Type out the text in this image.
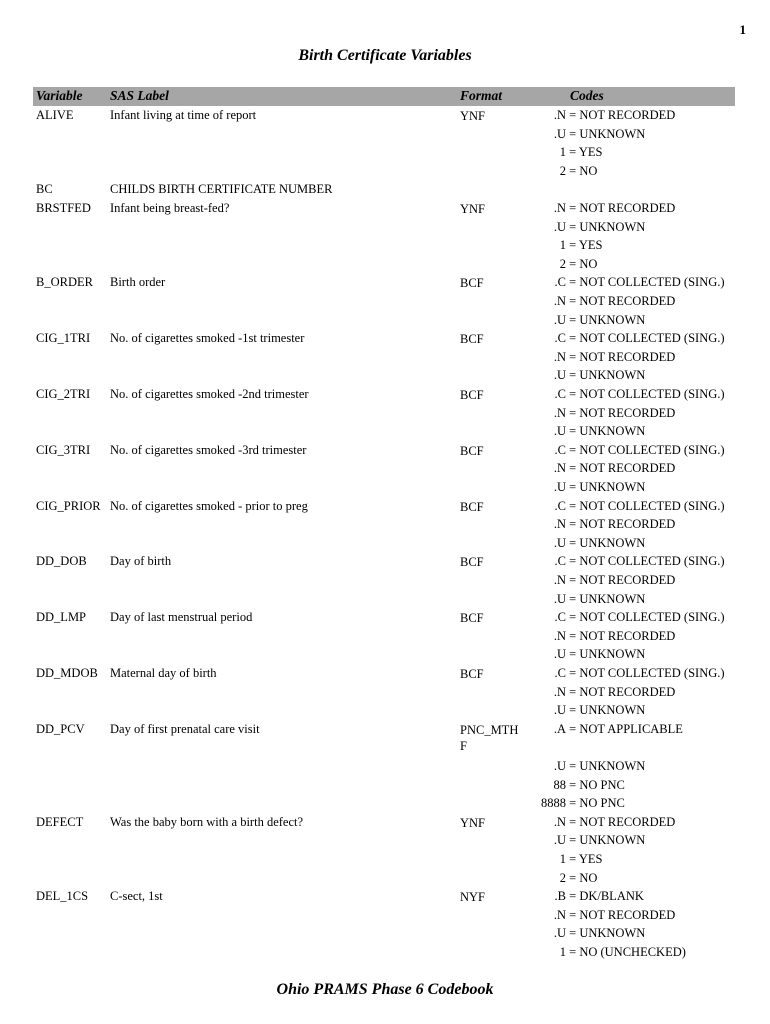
1
Birth Certificate Variables
Variable SAS Label	Format	Codes
ALIVE	Infant living at time of report	YNF	.N = NOT RECORDED
.U = UNKNOWN
1 = YES
2 = NO
BC	CHILDS BIRTH CERTIFICATE NUMBER
BRSTFED Infant being breast-fed?	YNF	.N = NOT RECORDED
.U = UNKNOWN
1 = YES
2 = NO
B_ORDER Birth order	BCF	.C = NOT COLLECTED (SING.)
.N = NOT RECORDED
.U = UNKNOWN
CIG_1TRI No. of cigarettes smoked -1st trimester	BCF	.C = NOT COLLECTED (SING.)
.N = NOT RECORDED
.U = UNKNOWN
CIG_2TRI No. of cigarettes smoked -2nd trimester	BCF	.C = NOT COLLECTED (SING.)
.N = NOT RECORDED
.U = UNKNOWN
CIG_3TRI No. of cigarettes smoked -3rd trimester	BCF	.C = NOT COLLECTED (SING.)
.N = NOT RECORDED
.U = UNKNOWN
CIG_PRIOR No. of cigarettes smoked - prior to preg	BCF	.C = NOT COLLECTED (SING.)
.N = NOT RECORDED
.U = UNKNOWN
DD_DOB Day of birth	BCF	.C = NOT COLLECTED (SING.)
.N = NOT RECORDED
.U = UNKNOWN
DD_LMP Day of last menstrual period	BCF	.C = NOT COLLECTED (SING.)
.N = NOT RECORDED
.U = UNKNOWN
DD_MDOB Maternal day of birth	BCF	.C = NOT COLLECTED (SING.)
.N = NOT RECORDED
.U = UNKNOWN
DD_PCV Day of first prenatal care visit	PNC_MTH
F
.A = NOT APPLICABLE
.U = UNKNOWN
88 = NO PNC
8888 = NO PNC
DEFECT Was the baby born with a birth defect?	YNF	.N = NOT RECORDED
.U = UNKNOWN
1 = YES
2 = NO
DEL_1CS C-sect, 1st	NYF	.B = DK/BLANK
.N = NOT RECORDED
.U = UNKNOWN
1 = NO (UNCHECKED)
Ohio PRAMS Phase 6 Codebook
